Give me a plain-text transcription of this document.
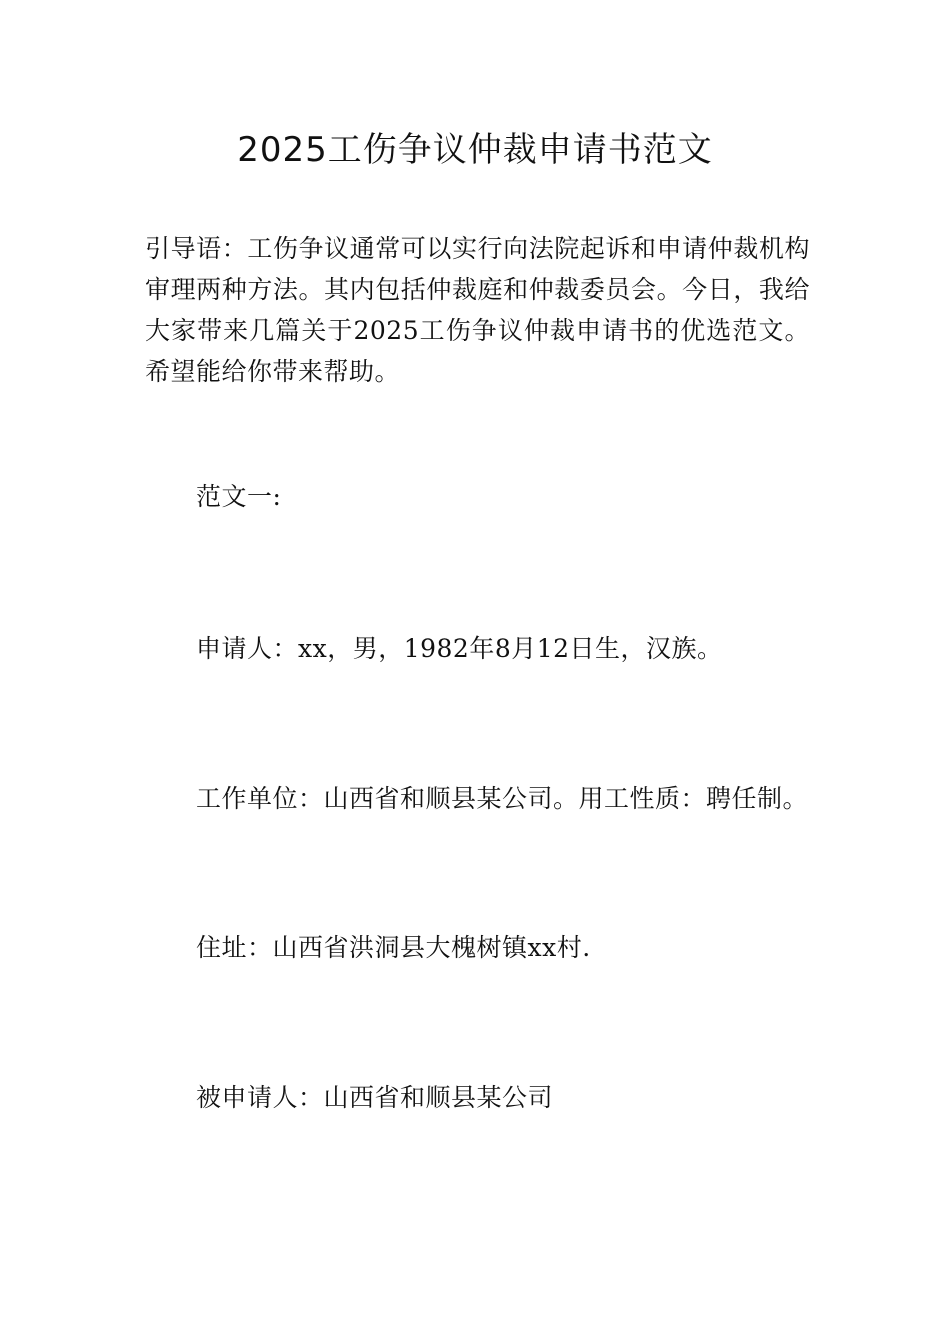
2025工伤争议仲裁申请书范文

引导语：工伤争议通常可以实行向法院起诉和申请仲裁机构审理两种方法。其内包括仲裁庭和仲裁委员会。今日，我给大家带来几篇关于2025工伤争议仲裁申请书的优选范文。希望能给你带来帮助。

范文一:

申请人：xx，男，1982年8月12日生，汉族。

工作单位：山西省和顺县某公司。用工性质：聘任制。

住址：山西省洪洞县大槐树镇xx村.

被申请人：山西省和顺县某公司
